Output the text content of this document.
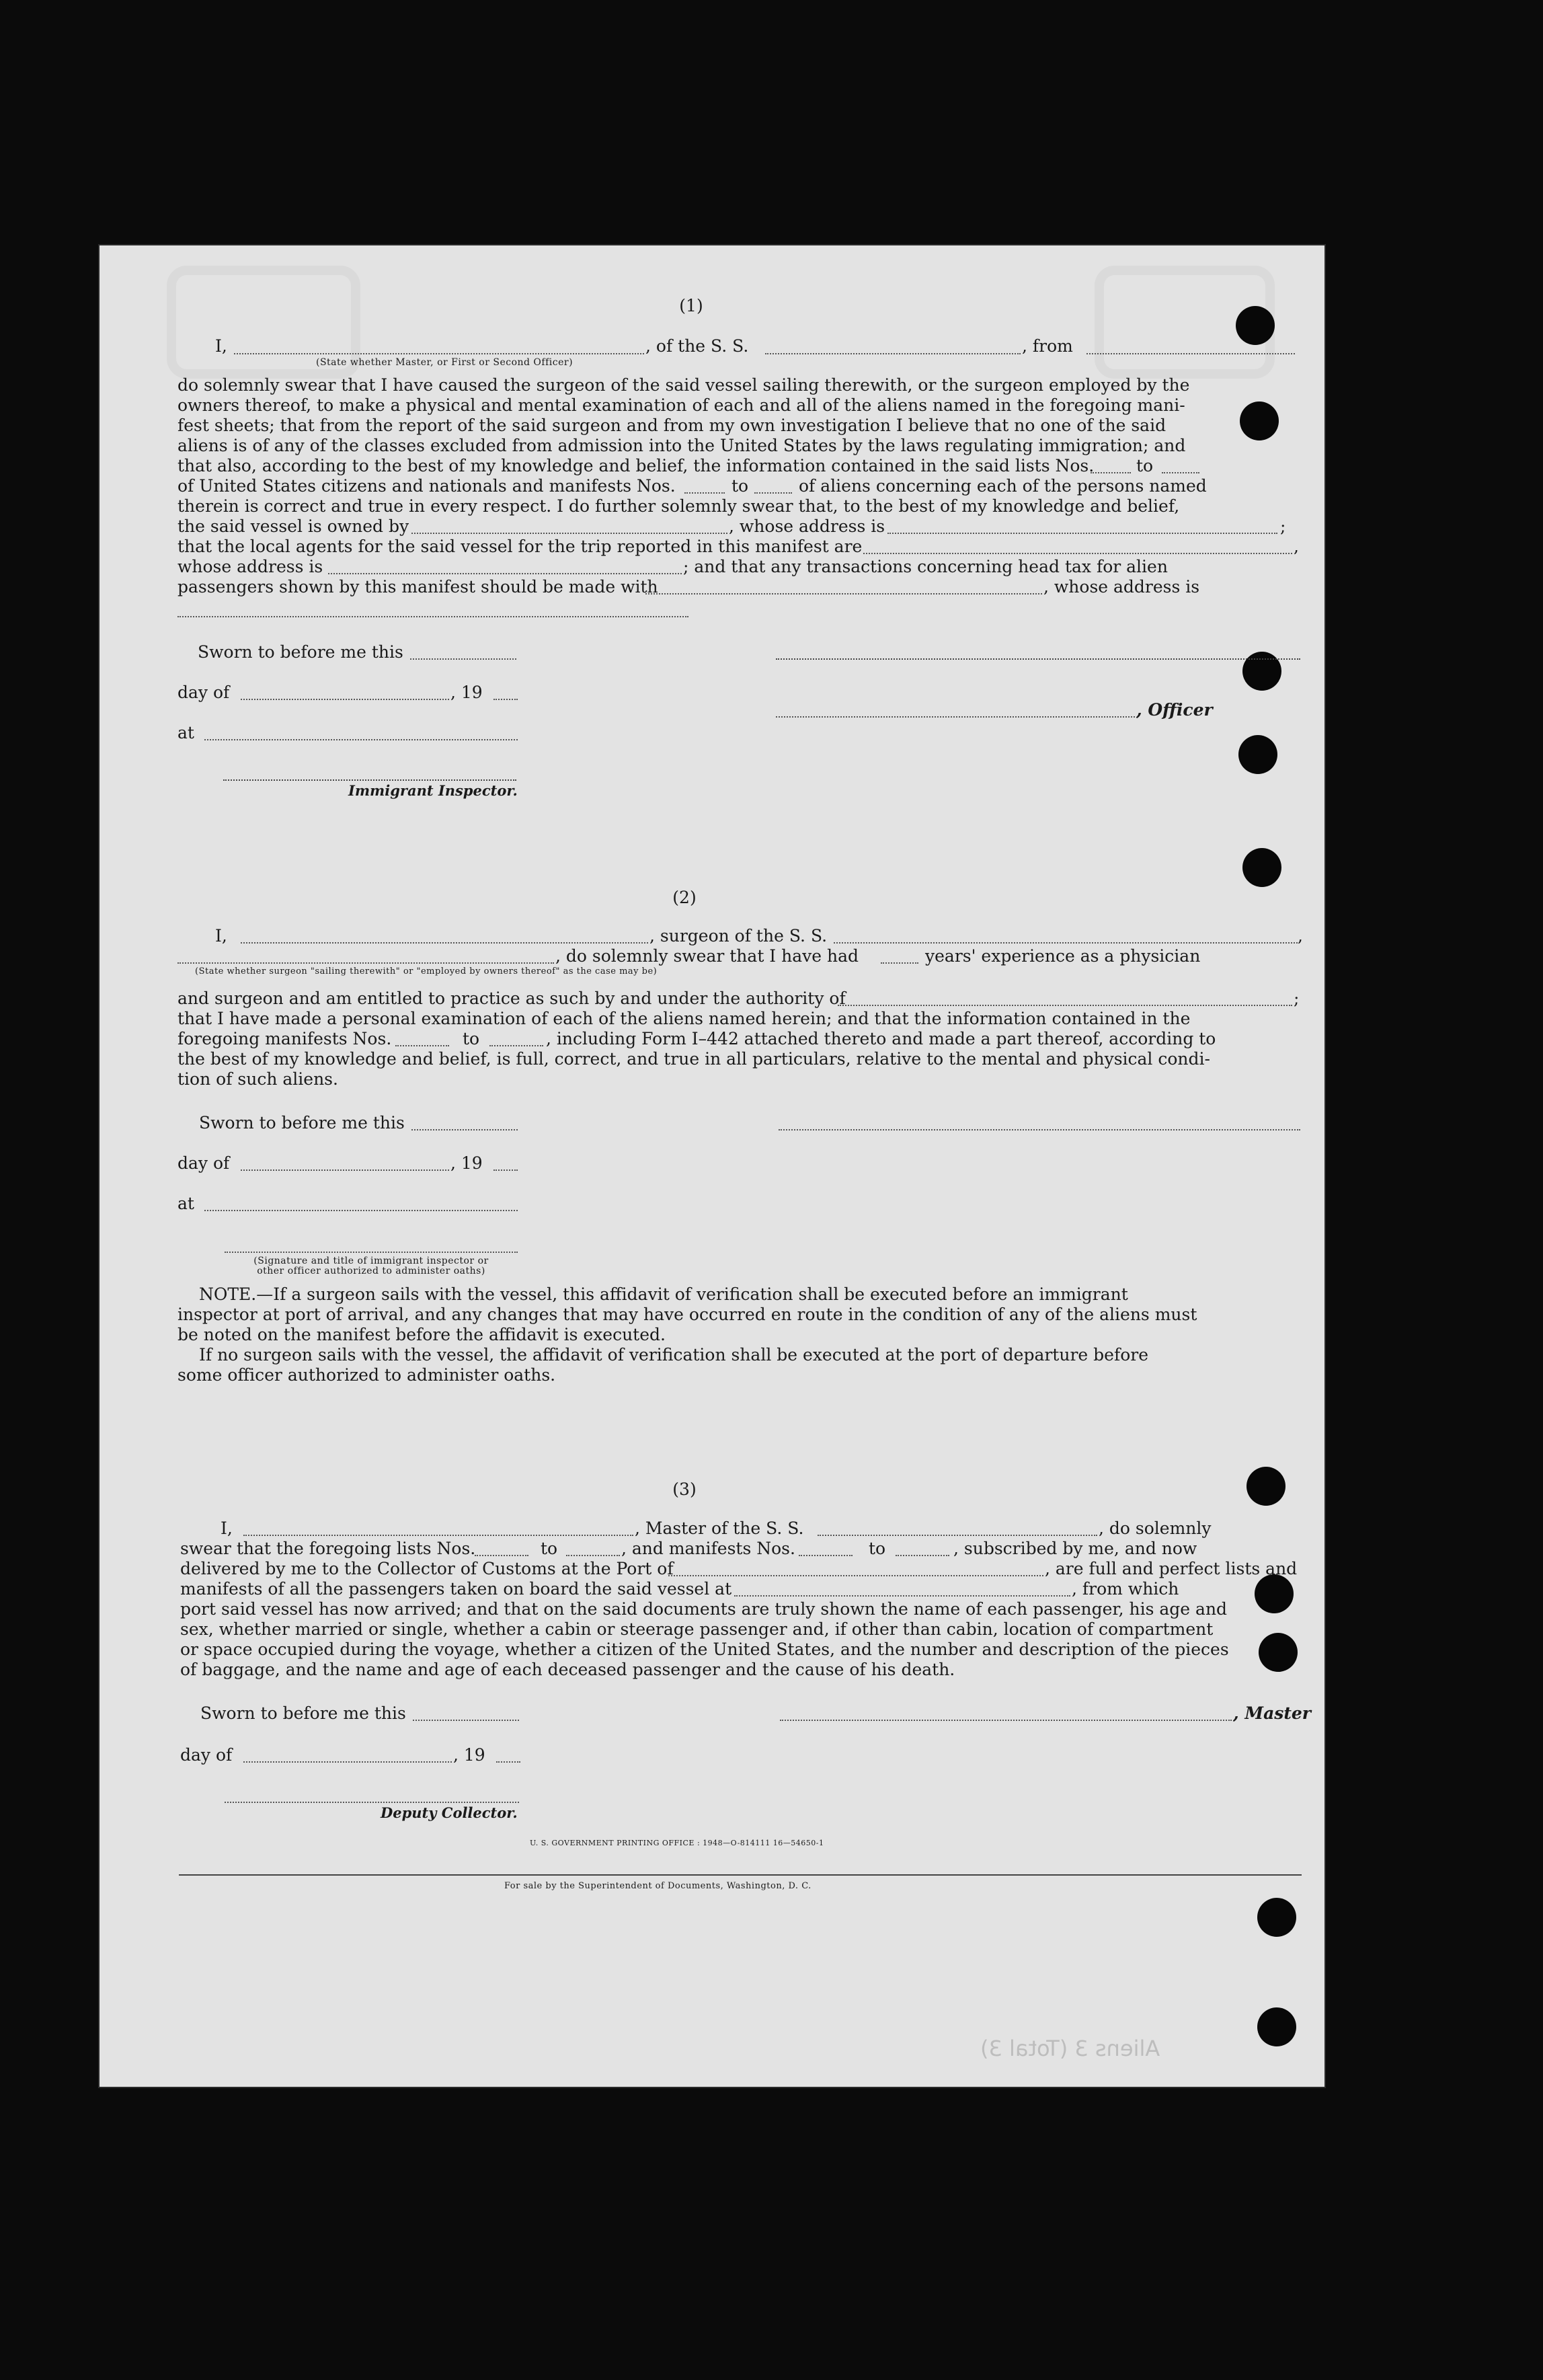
(1)
I,	, of the S. S.	, from
(State whether Master, or First or Second Officer)
do solemnly swear that I have caused the surgeon of the said vessel sailing therewith, or the surgeon employed by the
owners thereof, to make a physical and mental examination of each and all of the aliens named in the foregoing mani-
fest sheets; that from the report of the said surgeon and from my own investigation I believe that no one of the said
aliens is of any of the classes excluded from admission into the United States by the laws regulating immigration; and
that also, according to the best of my knowledge and belief, the information contained in the said lists Nos.	to
of United States citizens and nationals and manifests Nos.	to	of aliens concerning each of the persons named
therein is correct and true in every respect. I do further solemnly swear that, to the best of my knowledge and belief,
the said vessel is owned by	, whose address is	;
that the local agents for the said vessel for the trip reported in this manifest are	,
whose address is	; and that any transactions concerning head tax for alien
passengers shown by this manifest should be made with	, whose address is
Sworn to before me this
day of	, 19
, Officer
at
Immigrant Inspector.
(2)
I,	, surgeon of the S. S.	,
, do solemnly swear that I have had	years' experience as a physician
(State whether surgeon "sailing therewith" or "employed by owners thereof" as the case may be)
and surgeon and am entitled to practice as such by and under the authority of	;
that I have made a personal examination of each of the aliens named herein; and that the information contained in the
foregoing manifests Nos.	to	, including Form I–442 attached thereto and made a part thereof, according to
the best of my knowledge and belief, is full, correct, and true in all particulars, relative to the mental and physical condi-
tion of such aliens.
Sworn to before me this
day of	, 19
at
(Signature and title of immigrant inspector or
other officer authorized to administer oaths)
NOTE.—If a surgeon sails with the vessel, this affidavit of verification shall be executed before an immigrant
inspector at port of arrival, and any changes that may have occurred en route in the condition of any of the aliens must
be noted on the manifest before the affidavit is executed.
If no surgeon sails with the vessel, the affidavit of verification shall be executed at the port of departure before
some officer authorized to administer oaths.
(3)
I,	, Master of the S. S.	, do solemnly
swear that the foregoing lists Nos.	to	, and manifests Nos.	to	, subscribed by me, and now
delivered by me to the Collector of Customs at the Port of	, are full and perfect lists and
manifests of all the passengers taken on board the said vessel at	, from which
port said vessel has now arrived; and that on the said documents are truly shown the name of each passenger, his age and
sex, whether married or single, whether a cabin or steerage passenger and, if other than cabin, location of compartment
or space occupied during the voyage, whether a citizen of the United States, and the number and description of the pieces
of baggage, and the name and age of each deceased passenger and the cause of his death.
Sworn to before me this	, Master
day of	, 19
Deputy Collector.
U. S. GOVERNMENT PRINTING OFFICE : 1948—O-814111 16—54650-1
For sale by the Superintendent of Documents, Washington, D. C.
Aliens 3 (Total 3)
